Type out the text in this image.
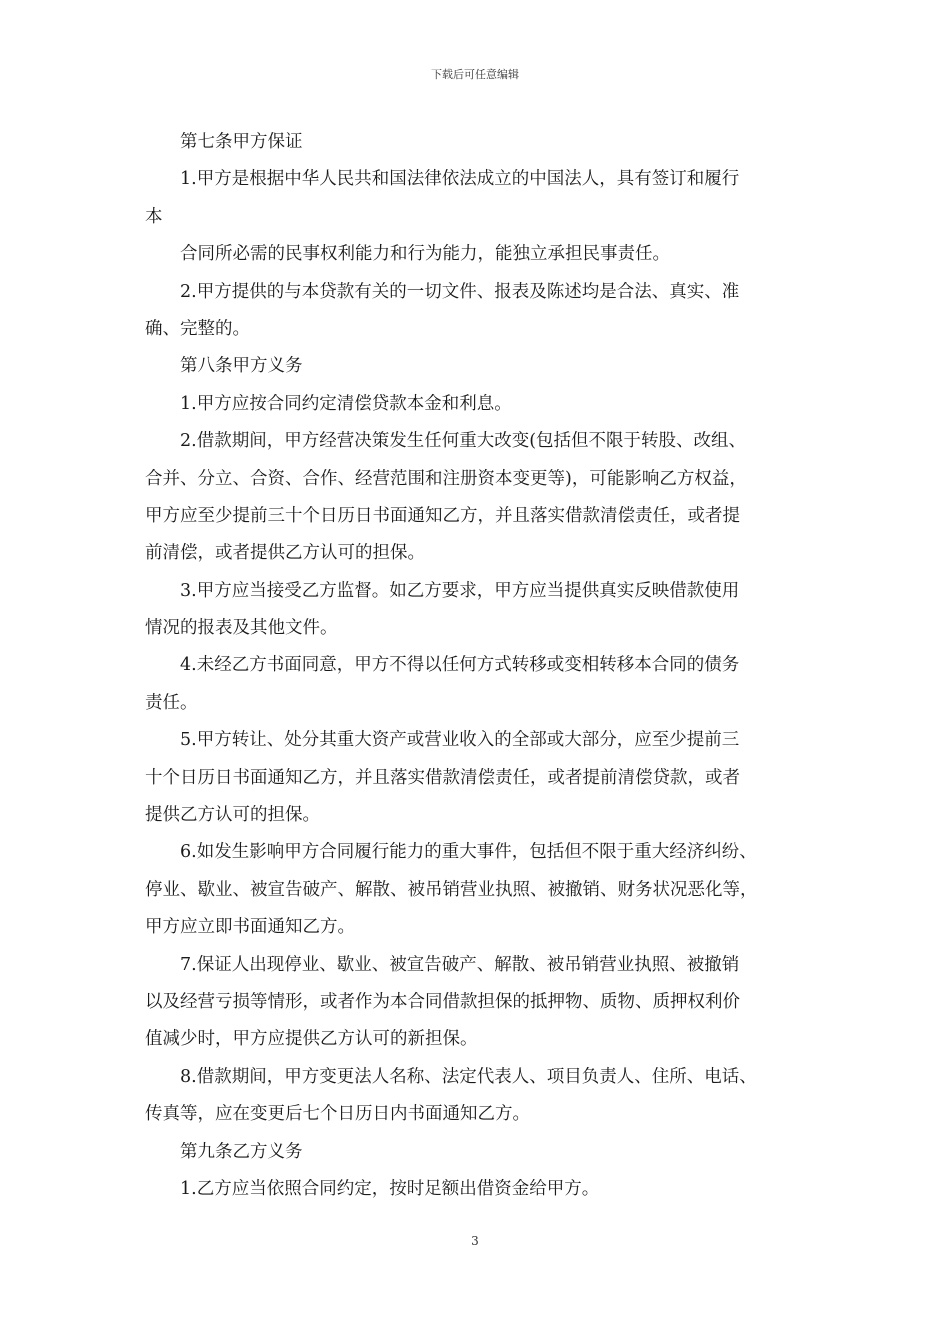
下载后可任意编辑
第七条甲方保证
1.甲方是根据中华人民共和国法律依法成立的中国法人，具有签订和履行
本
合同所必需的民事权利能力和行为能力，能独立承担民事责任。
2.甲方提供的与本贷款有关的一切文件、报表及陈述均是合法、真实、准
确、完整的。
第八条甲方义务
1.甲方应按合同约定清偿贷款本金和利息。
2.借款期间，甲方经营决策发生任何重大改变(包括但不限于转股、改组、
合并、分立、合资、合作、经营范围和注册资本变更等)，可能影响乙方权益，
甲方应至少提前三十个日历日书面通知乙方，并且落实借款清偿责任，或者提
前清偿，或者提供乙方认可的担保。
3.甲方应当接受乙方监督。如乙方要求，甲方应当提供真实反映借款使用
情况的报表及其他文件。
4.未经乙方书面同意，甲方不得以任何方式转移或变相转移本合同的债务
责任。
5.甲方转让、处分其重大资产或营业收入的全部或大部分，应至少提前三
十个日历日书面通知乙方，并且落实借款清偿责任，或者提前清偿贷款，或者
提供乙方认可的担保。
6.如发生影响甲方合同履行能力的重大事件，包括但不限于重大经济纠纷、
停业、歇业、被宣告破产、解散、被吊销营业执照、被撤销、财务状况恶化等，
甲方应立即书面通知乙方。
7.保证人出现停业、歇业、被宣告破产、解散、被吊销营业执照、被撤销
以及经营亏损等情形，或者作为本合同借款担保的抵押物、质物、质押权利价
值减少时，甲方应提供乙方认可的新担保。
8.借款期间，甲方变更法人名称、法定代表人、项目负责人、住所、电话、
传真等，应在变更后七个日历日内书面通知乙方。
第九条乙方义务
1.乙方应当依照合同约定，按时足额出借资金给甲方。
3
